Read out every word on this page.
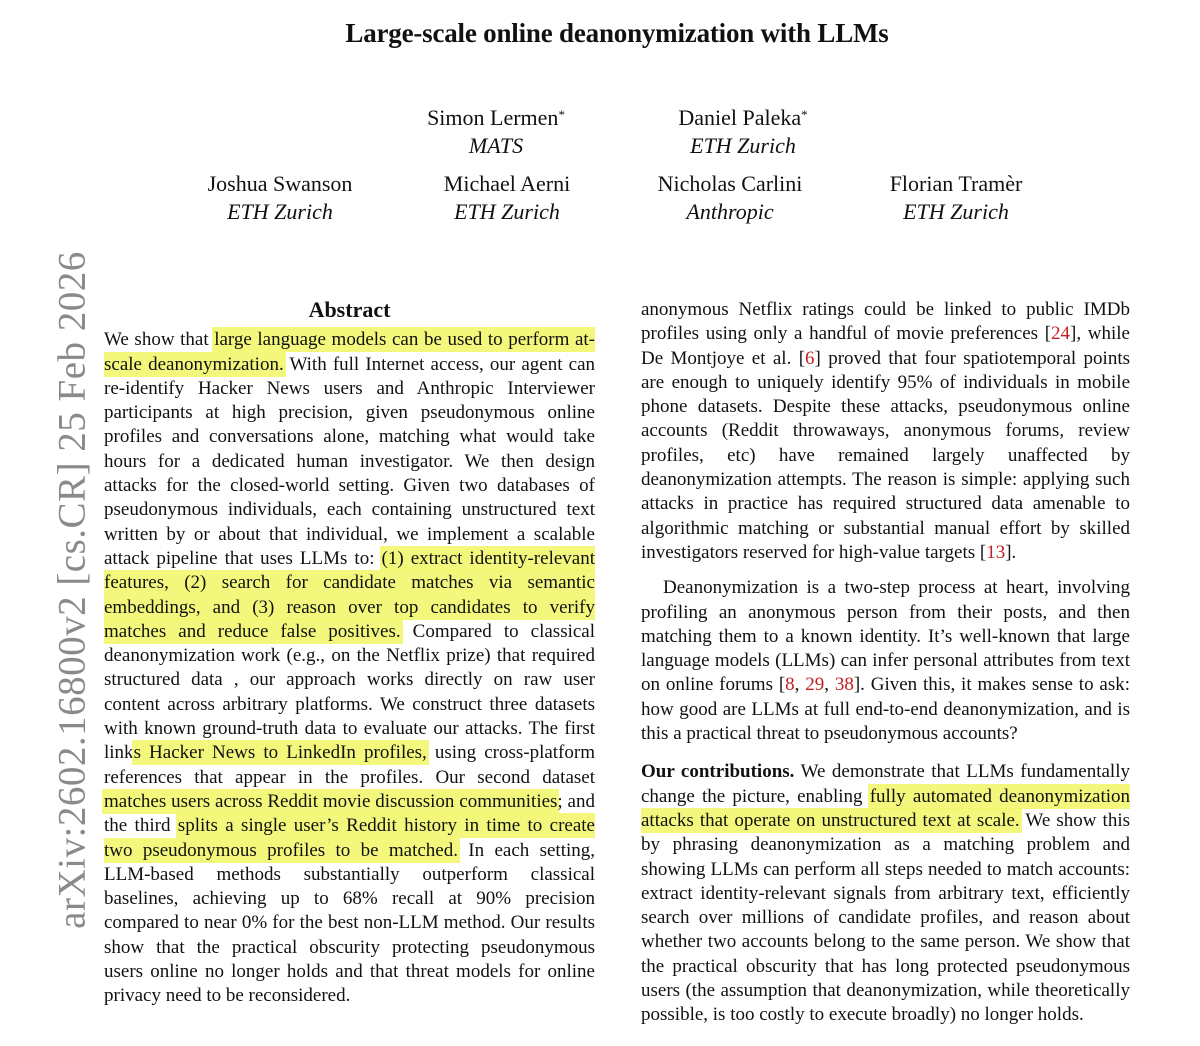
Large-scale online deanonymization with LLMs
Simon Lermen*
MATS
Daniel Paleka*
ETH Zurich
Joshua Swanson
ETH Zurich
Michael Aerni
ETH Zurich
Nicholas Carlini
Anthropic
Florian Tramèr
ETH Zurich
arXiv:2602.16800v2 [cs.CR] 25 Feb 2026	Abstract

We show that large language models can be used to perform at-scale deanonymization. With full Internet access, our agent can re-identify Hacker News users and Anthropic Interviewer participants at high precision, given pseudonymous online profiles and conversations alone, matching what would take hours for a dedicated human investigator. We then design attacks for the closed-world setting. Given two databases of pseudonymous individuals, each containing unstructured text written by or about that individual, we implement a scalable attack pipeline that uses LLMs to: (1) extract identity-relevant features, (2) search for candidate matches via semantic embeddings, and (3) reason over top candidates to verify matches and reduce false positives. Compared to classical deanonymization work (e.g., on the Netflix prize) that required structured data , our approach works directly on raw user content across arbitrary platforms. We construct three datasets with known ground-truth data to evaluate our attacks. The first links Hacker News to LinkedIn profiles, using cross-platform references that appear in the profiles. Our second dataset matches users across Reddit movie discussion communities; and the third splits a single user’s Reddit history in time to create two pseudonymous profiles to be matched. In each setting, LLM-based methods substantially outperform classical baselines, achieving up to 68% recall at 90% precision compared to near 0% for the best non-LLM method. Our results show that the practical obscurity protecting pseudonymous users online no longer holds and that threat models for online privacy need to be reconsidered.

anonymous Netflix ratings could be linked to public IMDb profiles using only a handful of movie preferences [24], while De Montjoye et al. [6] proved that four spatiotemporal points are enough to uniquely identify 95% of individuals in mobile phone datasets. Despite these attacks, pseudonymous online accounts (Reddit throwaways, anonymous forums, review profiles, etc) have remained largely unaffected by deanonymization attempts. The reason is simple: applying such attacks in practice has required structured data amenable to algorithmic matching or substantial manual effort by skilled investigators reserved for high-value targets [13].

Deanonymization is a two-step process at heart, involving profiling an anonymous person from their posts, and then matching them to a known identity. It’s well-known that large language models (LLMs) can infer personal attributes from text on online forums [8, 29, 38]. Given this, it makes sense to ask: how good are LLMs at full end-to-end deanonymization, and is this a practical threat to pseudonymous accounts?

Our contributions. We demonstrate that LLMs fundamentally change the picture, enabling fully automated deanonymization attacks that operate on unstructured text at scale. We show this by phrasing deanonymization as a matching problem and showing LLMs can perform all steps needed to match accounts: extract identity-relevant signals from arbitrary text, efficiently search over millions of candidate profiles, and reason about whether two accounts belong to the same person. We show that the practical obscurity that has long protected pseudonymous users (the assumption that deanonymization, while theoretically possible, is too costly to execute broadly) no longer holds.
